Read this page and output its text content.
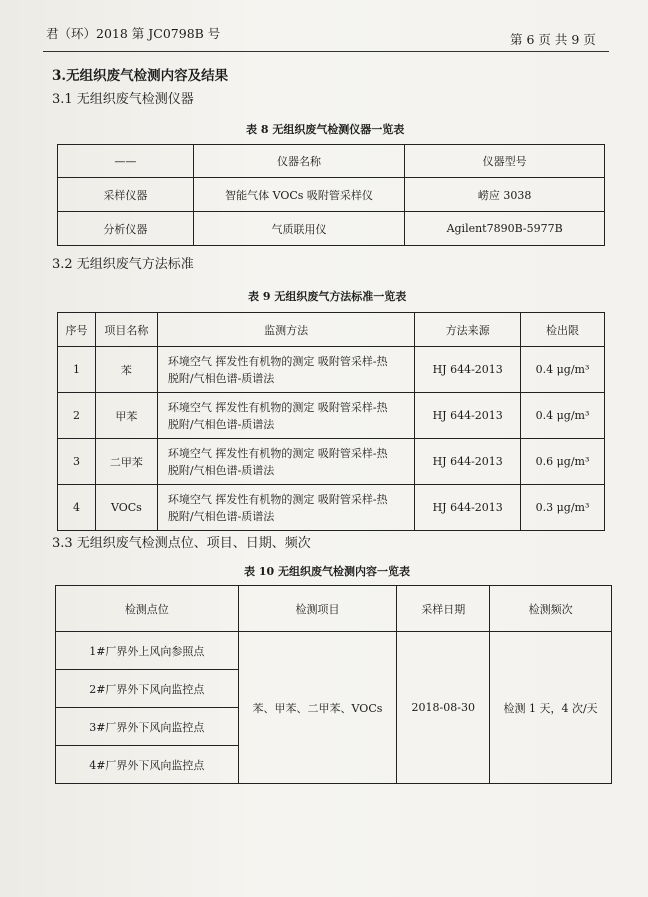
君（环）2018 第 JC0798B 号	第 6 页 共 9 页
3.无组织废气检测内容及结果
3.1 无组织废气检测仪器
表 8 无组织废气检测仪器一览表
——	仪器名称	仪器型号
采样仪器	智能气体 VOCs 吸附管采样仪	崂应 3038
分析仪器	气质联用仪	Agilent7890B-5977B
3.2 无组织废气方法标准
表 9 无组织废气方法标准一览表
序号	项目名称	监测方法	方法来源	检出限
1	苯	环境空气 挥发性有机物的测定 吸附管采样-热
脱附/气相色谱-质谱法	HJ 644-2013	0.4 μg/m³
2	甲苯	环境空气 挥发性有机物的测定 吸附管采样-热
脱附/气相色谱-质谱法	HJ 644-2013	0.4 μg/m³
3	二甲苯	环境空气 挥发性有机物的测定 吸附管采样-热
脱附/气相色谱-质谱法	HJ 644-2013	0.6 μg/m³
4	VOCs	环境空气 挥发性有机物的测定 吸附管采样-热
脱附/气相色谱-质谱法	HJ 644-2013	0.3 μg/m³
3.3 无组织废气检测点位、项目、日期、频次
表 10 无组织废气检测内容一览表
检测点位	检测项目	采样日期	检测频次
1#厂界外上风向参照点	苯、甲苯、二甲苯、VOCs	2018-08-30	检测 1 天，4 次/天
2#厂界外下风向监控点			
3#厂界外下风向监控点			
4#厂界外下风向监控点			
